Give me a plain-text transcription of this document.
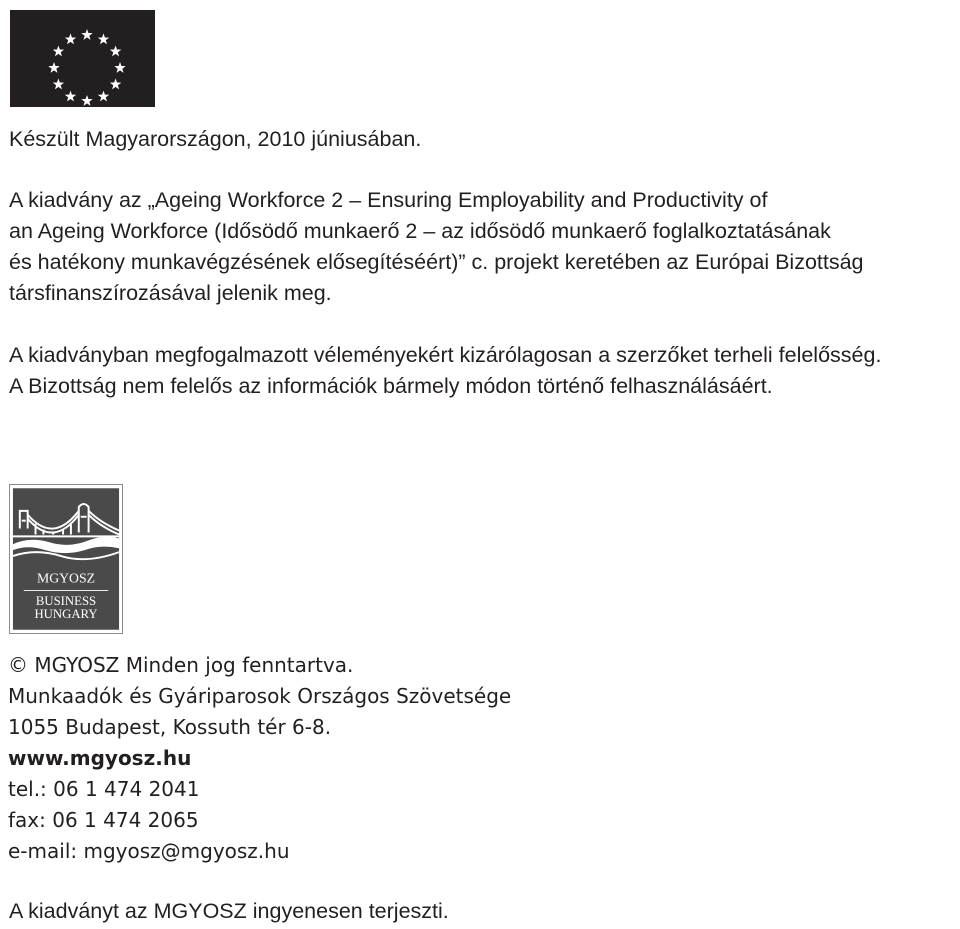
Készült Magyarországon, 2010 júniusában.

A kiadvány az „Ageing Workforce 2 – Ensuring Employability and Productivity of
an Ageing Workforce (Idősödő munkaerő 2 – az idősödő munkaerő foglalkoztatásának
és hatékony munkavégzésének elősegítéséért)” c. projekt keretében az Európai Bizottság
társfinanszírozásával jelenik meg.

A kiadványban megfogalmazott véleményekért kizárólagosan a szerzőket terheli felelősség.
A Bizottság nem felelős az információk bármely módon történő felhasználásáért.

MGYOSZ
BUSINESS
HUNGARY

© MGYOSZ Minden jog fenntartva.
Munkaadók és Gyáriparosok Országos Szövetsége
1055 Budapest, Kossuth tér 6-8.
www.mgyosz.hu
tel.: 06 1 474 2041
fax: 06 1 474 2065
e-mail: mgyosz@mgyosz.hu

A kiadványt az MGYOSZ ingyenesen terjeszti.
